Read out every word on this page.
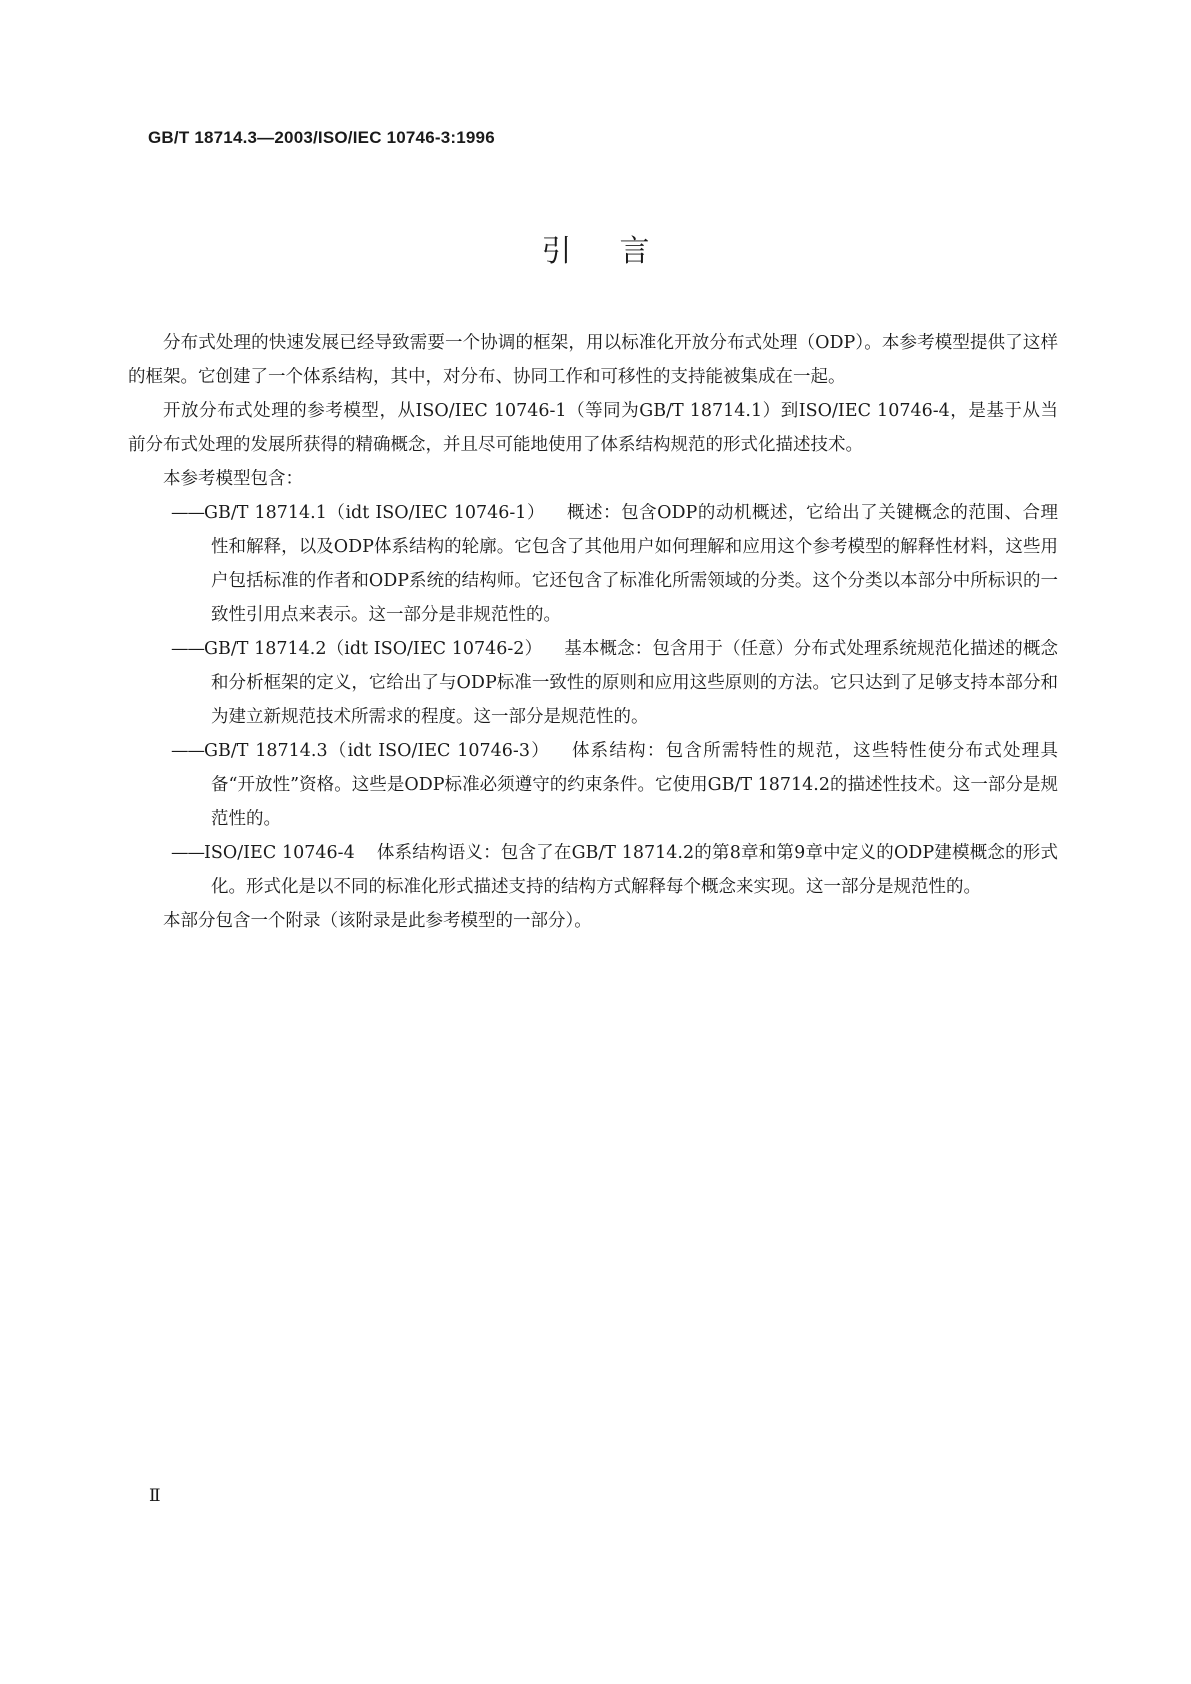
GB/T 18714.3—2003/ISO/IEC 10746-3:1996
引言

分布式处理的快速发展已经导致需要一个协调的框架，用以标准化开放分布式处理（ODP）。本参考模型提供了这样的框架。它创建了一个体系结构，其中，对分布、协同工作和可移性的支持能被集成在一起。

开放分布式处理的参考模型，从ISO/IEC 10746-1（等同为GB/T 18714.1）到ISO/IEC 10746-4，是基于从当前分布式处理的发展所获得的精确概念，并且尽可能地使用了体系结构规范的形式化描述技术。

本参考模型包含：

——GB/T 18714.1（idt ISO/IEC 10746-1） 概述：包含ODP的动机概述，它给出了关键概念的范围、合理性和解释，以及ODP体系结构的轮廓。它包含了其他用户如何理解和应用这个参考模型的解释性材料，这些用户包括标准的作者和ODP系统的结构师。它还包含了标准化所需领域的分类。这个分类以本部分中所标识的一致性引用点来表示。这一部分是非规范性的。
——GB/T 18714.2（idt ISO/IEC 10746-2） 基本概念：包含用于（任意）分布式处理系统规范化描述的概念和分析框架的定义，它给出了与ODP标准一致性的原则和应用这些原则的方法。它只达到了足够支持本部分和为建立新规范技术所需求的程度。这一部分是规范性的。
——GB/T 18714.3（idt ISO/IEC 10746-3） 体系结构：包含所需特性的规范，这些特性使分布式处理具备“开放性”资格。这些是ODP标准必须遵守的约束条件。它使用GB/T 18714.2的描述性技术。这一部分是规范性的。
——ISO/IEC 10746-4 体系结构语义：包含了在GB/T 18714.2的第8章和第9章中定义的ODP建模概念的形式化。形式化是以不同的标准化形式描述支持的结构方式解释每个概念来实现。这一部分是规范性的。

本部分包含一个附录（该附录是此参考模型的一部分）。

Ⅱ
